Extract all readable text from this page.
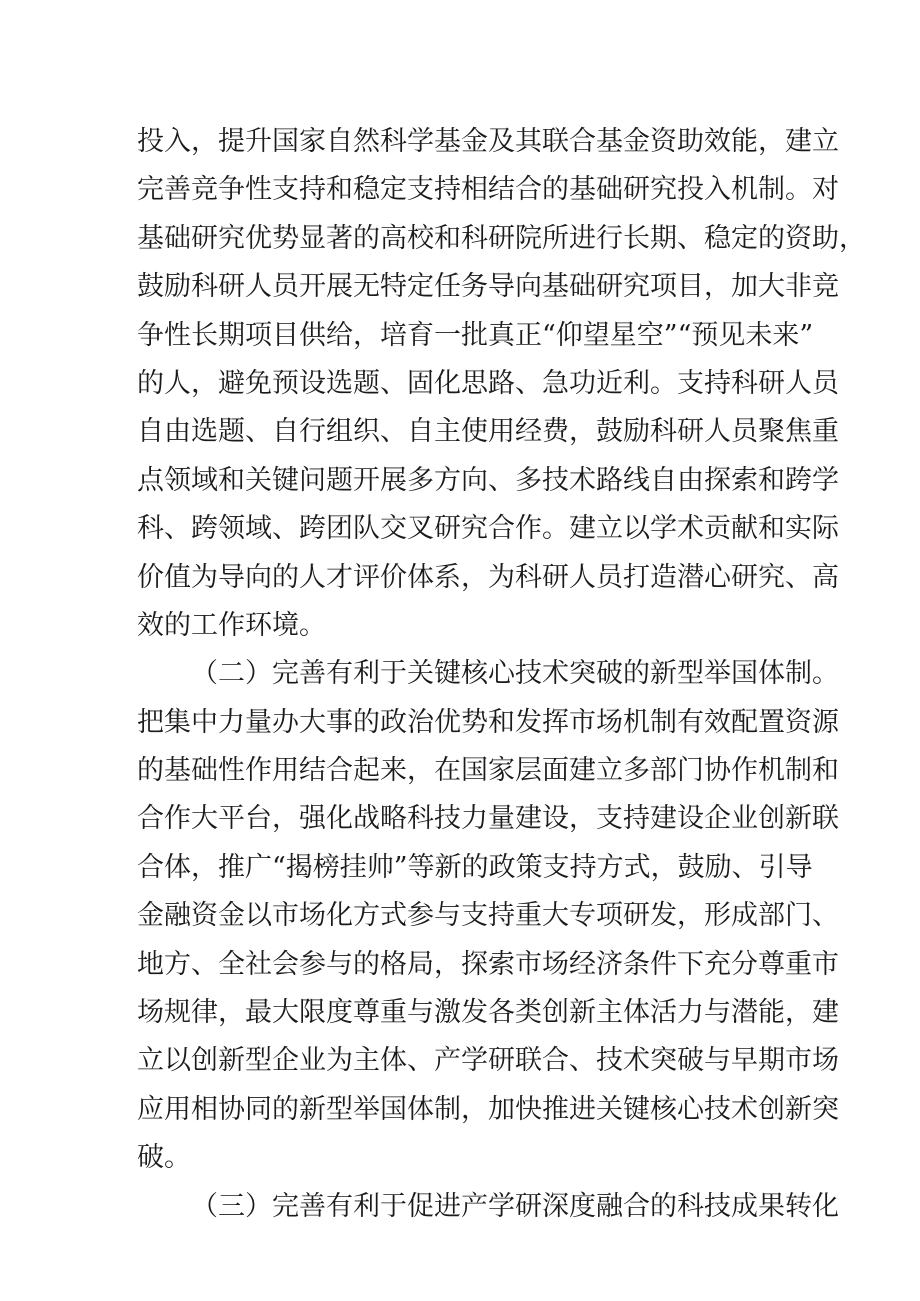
投入，提升国家自然科学基金及其联合基金资助效能，建立
完善竞争性支持和稳定支持相结合的基础研究投入机制。对
基础研究优势显著的高校和科研院所进行长期、稳定的资助，
鼓励科研人员开展无特定任务导向基础研究项目，加大非竞
争性长期项目供给，培育一批真正“仰望星空”“预见未来”
的人，避免预设选题、固化思路、急功近利。支持科研人员
自由选题、自行组织、自主使用经费，鼓励科研人员聚焦重
点领域和关键问题开展多方向、多技术路线自由探索和跨学
科、跨领域、跨团队交叉研究合作。建立以学术贡献和实际
价值为导向的人才评价体系，为科研人员打造潜心研究、高
效的工作环境。
（二）完善有利于关键核心技术突破的新型举国体制。
把集中力量办大事的政治优势和发挥市场机制有效配置资源
的基础性作用结合起来，在国家层面建立多部门协作机制和
合作大平台，强化战略科技力量建设，支持建设企业创新联
合体，推广“揭榜挂帅”等新的政策支持方式，鼓励、引导
金融资金以市场化方式参与支持重大专项研发，形成部门、
地方、全社会参与的格局，探索市场经济条件下充分尊重市
场规律，最大限度尊重与激发各类创新主体活力与潜能，建
立以创新型企业为主体、产学研联合、技术突破与早期市场
应用相协同的新型举国体制，加快推进关键核心技术创新突
破。
（三）完善有利于促进产学研深度融合的科技成果转化
